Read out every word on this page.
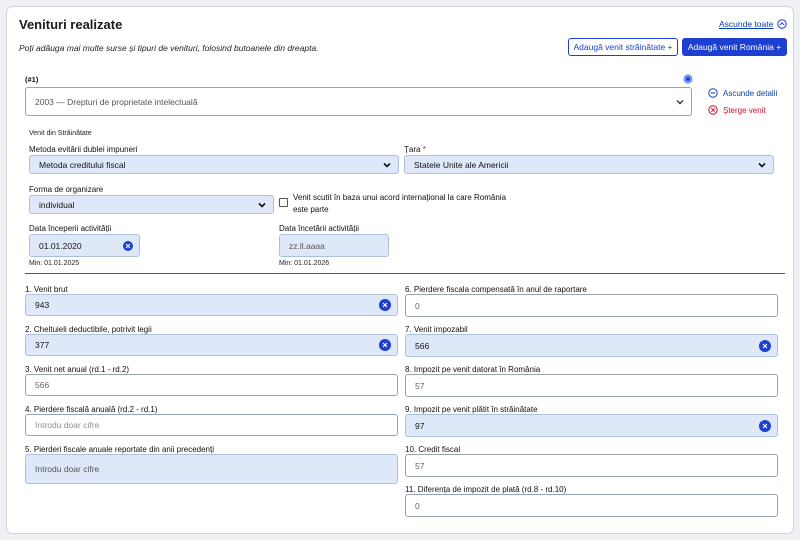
Venituri realizate
Poți adăuga mai multe surse și tipuri de venituri, folosind butoanele din dreapta.
Ascunde toate
Adaugă venit străinătate +	Adaugă venit România +
(#1)
2003 — Drepturi de proprietate intelectuală
Ascunde detalii
Șterge venit
Venit din Străinătate
Metoda evitării dublei impuneri
Metoda creditului fiscal
Țara *
Statele Unite ale Americii
Forma de organizare
individual
Venit scutit în baza unui acord internațional la care România
este parte
Data începerii activității
01.01.2020
Min: 01.01.2025
Data încetării activității
zz.ll.aaaa
Min: 01.01.2026
1. Venit brut
943
2. Cheltuieli deductibile, potrivit legii
377
3. Venit net anual (rd.1 - rd.2)
566
4. Pierdere fiscală anuală (rd.2 - rd.1)
Introdu doar cifre
5. Pierderi fiscale anuale reportate din anii precedenți
Introdu doar cifre
6. Pierdere fiscala compensată în anul de raportare
0
7. Venit impozabil
566
8. Impozit pe venit datorat în România
57
9. Impozit pe venit plătit în străinătate
97
10. Credit fiscal
57
11. Diferența de impozit de plată (rd.8 - rd.10)
0
